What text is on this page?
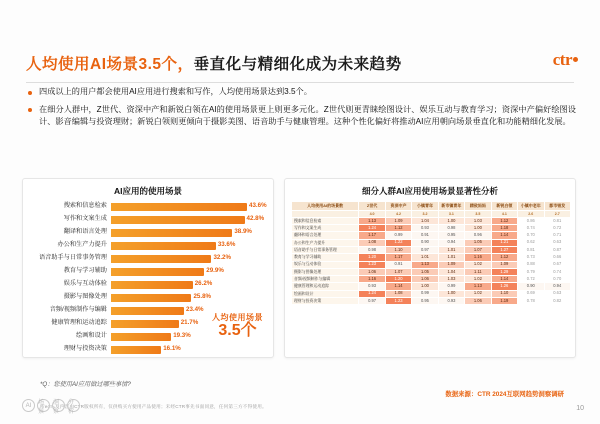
人均使用AI场景3.5个，垂直化与精细化成为未来趋势	ctr
四成以上的用户都会使用AI应用进行搜索和写作，人均使用场景达到3.5个。
在细分人群中，Z世代、资深中产和新锐白领在AI的使用场景更上则更多元化。Z世代则更青睐绘图设计、娱乐互动与教育学习；资深中产偏好绘图设计、影音编辑与投资理财；新锐白领则更倾向于摄影美图、语音助手与健康管理。这种个性化偏好将推动AI应用朝向场景垂直化和功能精细化发展。
AI应用的使用场景
搜索和信息检索	43.6%
写作和文案生成	42.8%
翻译和语言处理	38.9%
办公和生产力提升	33.6%
语音助手与日常事务管理	32.2%
教育与学习辅助	29.9%
娱乐与互动体验	26.2%
摄影与图像处理	25.8%
音频/视频制作与编辑	23.4%
健康管理和运动追踪	21.7%
绘画和设计	19.3%
理财与投资决策	16.1%
人均使用场景
3.5个
细分人群AI应用使用场景显著性分析
人均使用AI的场景数	Z世代	资深中产	小镇青年	新市镇青年	精致妈妈	新锐白领	小镇中老年	都市银发
	4.0	4.2	3.2	3.1	3.5	4.1	2.6	2.7
搜索和信息检索	1.13	1.09	1.04	1.00	1.03	1.12	0.86	0.81
写作和文案生成	1.24	1.12	0.93	0.98	1.00	1.18	0.74	0.72
翻译和语言处理	1.17	0.99	0.91	0.95	0.96	1.14	0.70	0.71
办公和生产力提升	1.08	1.22	0.90	0.94	1.05	1.21	0.62	0.63
语音助手与日常事务管理	0.98	1.10	0.97	1.01	1.07	1.27	0.81	0.87
教育与学习辅助	1.20	1.17	1.01	1.01	1.16	1.12	0.73	0.66
娱乐与互动体验	1.23	0.91	1.13	1.09	1.02	1.09	0.88	0.67
摄影与图像处理	1.06	1.07	1.05	1.04	1.11	1.29	0.79	0.74
音频/视频制作与编辑	1.16	1.20	1.06	1.03	1.02	1.14	0.72	0.70
健康管理和运动追踪	0.93	1.14	1.00	0.99	1.13	1.26	0.90	0.94
绘画和设计	1.24	1.08	0.99	1.00	1.02	1.10	0.69	0.63
理财与投资决策	0.97	1.23	0.95	0.93	1.06	1.19	0.78	0.82
*Q：您使用AI应用做过哪些事情?
所есть及内容由CTR版权所有，仅供购买方使用产品使用；未经CTR事先书面同意，任何第三方不得使用。
AI	场景
洞察
分析
数据来源：CTR 2024互联网趋势洞察调研
10
